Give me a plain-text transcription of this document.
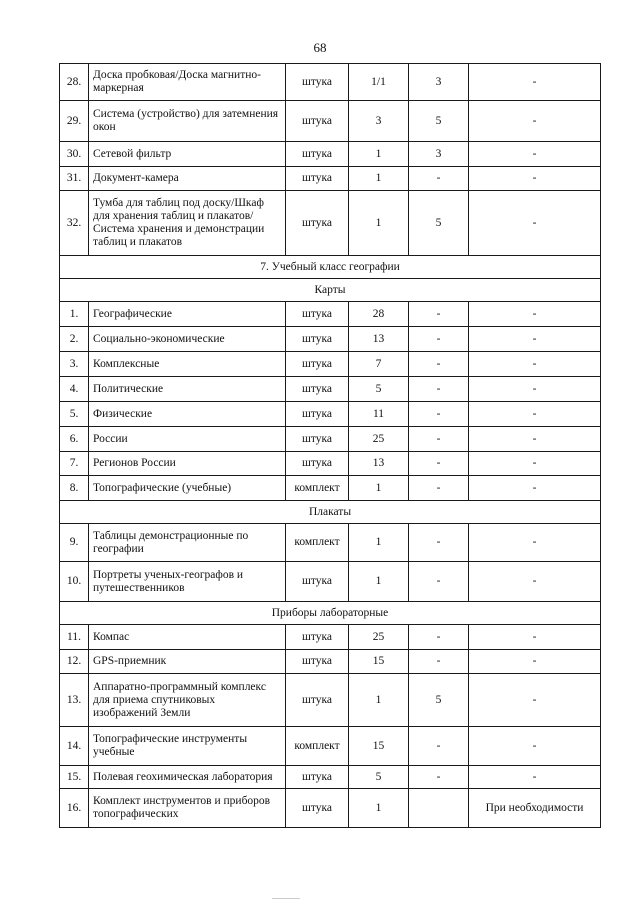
68
28.	Доска пробковая/Доска магнитно-маркерная	штука	1/1	3	-
29.	Система (устройство) для затемнения окон	штука	3	5	-
30.	Сетевой фильтр	штука	1	3	-
31.	Документ-камера	штука	1	-	-
32.	Тумба для таблиц под доску/Шкаф для хранения таблиц и плакатов/ Система хранения и демонстрации таблиц и плакатов	штука	1	5	-
7. Учебный класс географии					
Карты					
1.	Географические	штука	28	-	-
2.	Социально-экономические	штука	13	-	-
3.	Комплексные	штука	7	-	-
4.	Политические	штука	5	-	-
5.	Физические	штука	11	-	-
6.	России	штука	25	-	-
7.	Регионов России	штука	13	-	-
8.	Топографические (учебные)	комплект	1	-	-
Плакаты					
9.	Таблицы демонстрационные по географии	комплект	1	-	-
10.	Портреты ученых-географов и путешественников	штука	1	-	-
Приборы лабораторные					
11.	Компас	штука	25	-	-
12.	GPS-приемник	штука	15	-	-
13.	Аппаратно-программный комплекс для приема спутниковых изображений Земли	штука	1	5	-
14.	Топографические инструменты учебные	комплект	15	-	-
15.	Полевая геохимическая лаборатория	штука	5	-	-
16.	Комплект инструментов и приборов топографических	штука	1		При необходимости
